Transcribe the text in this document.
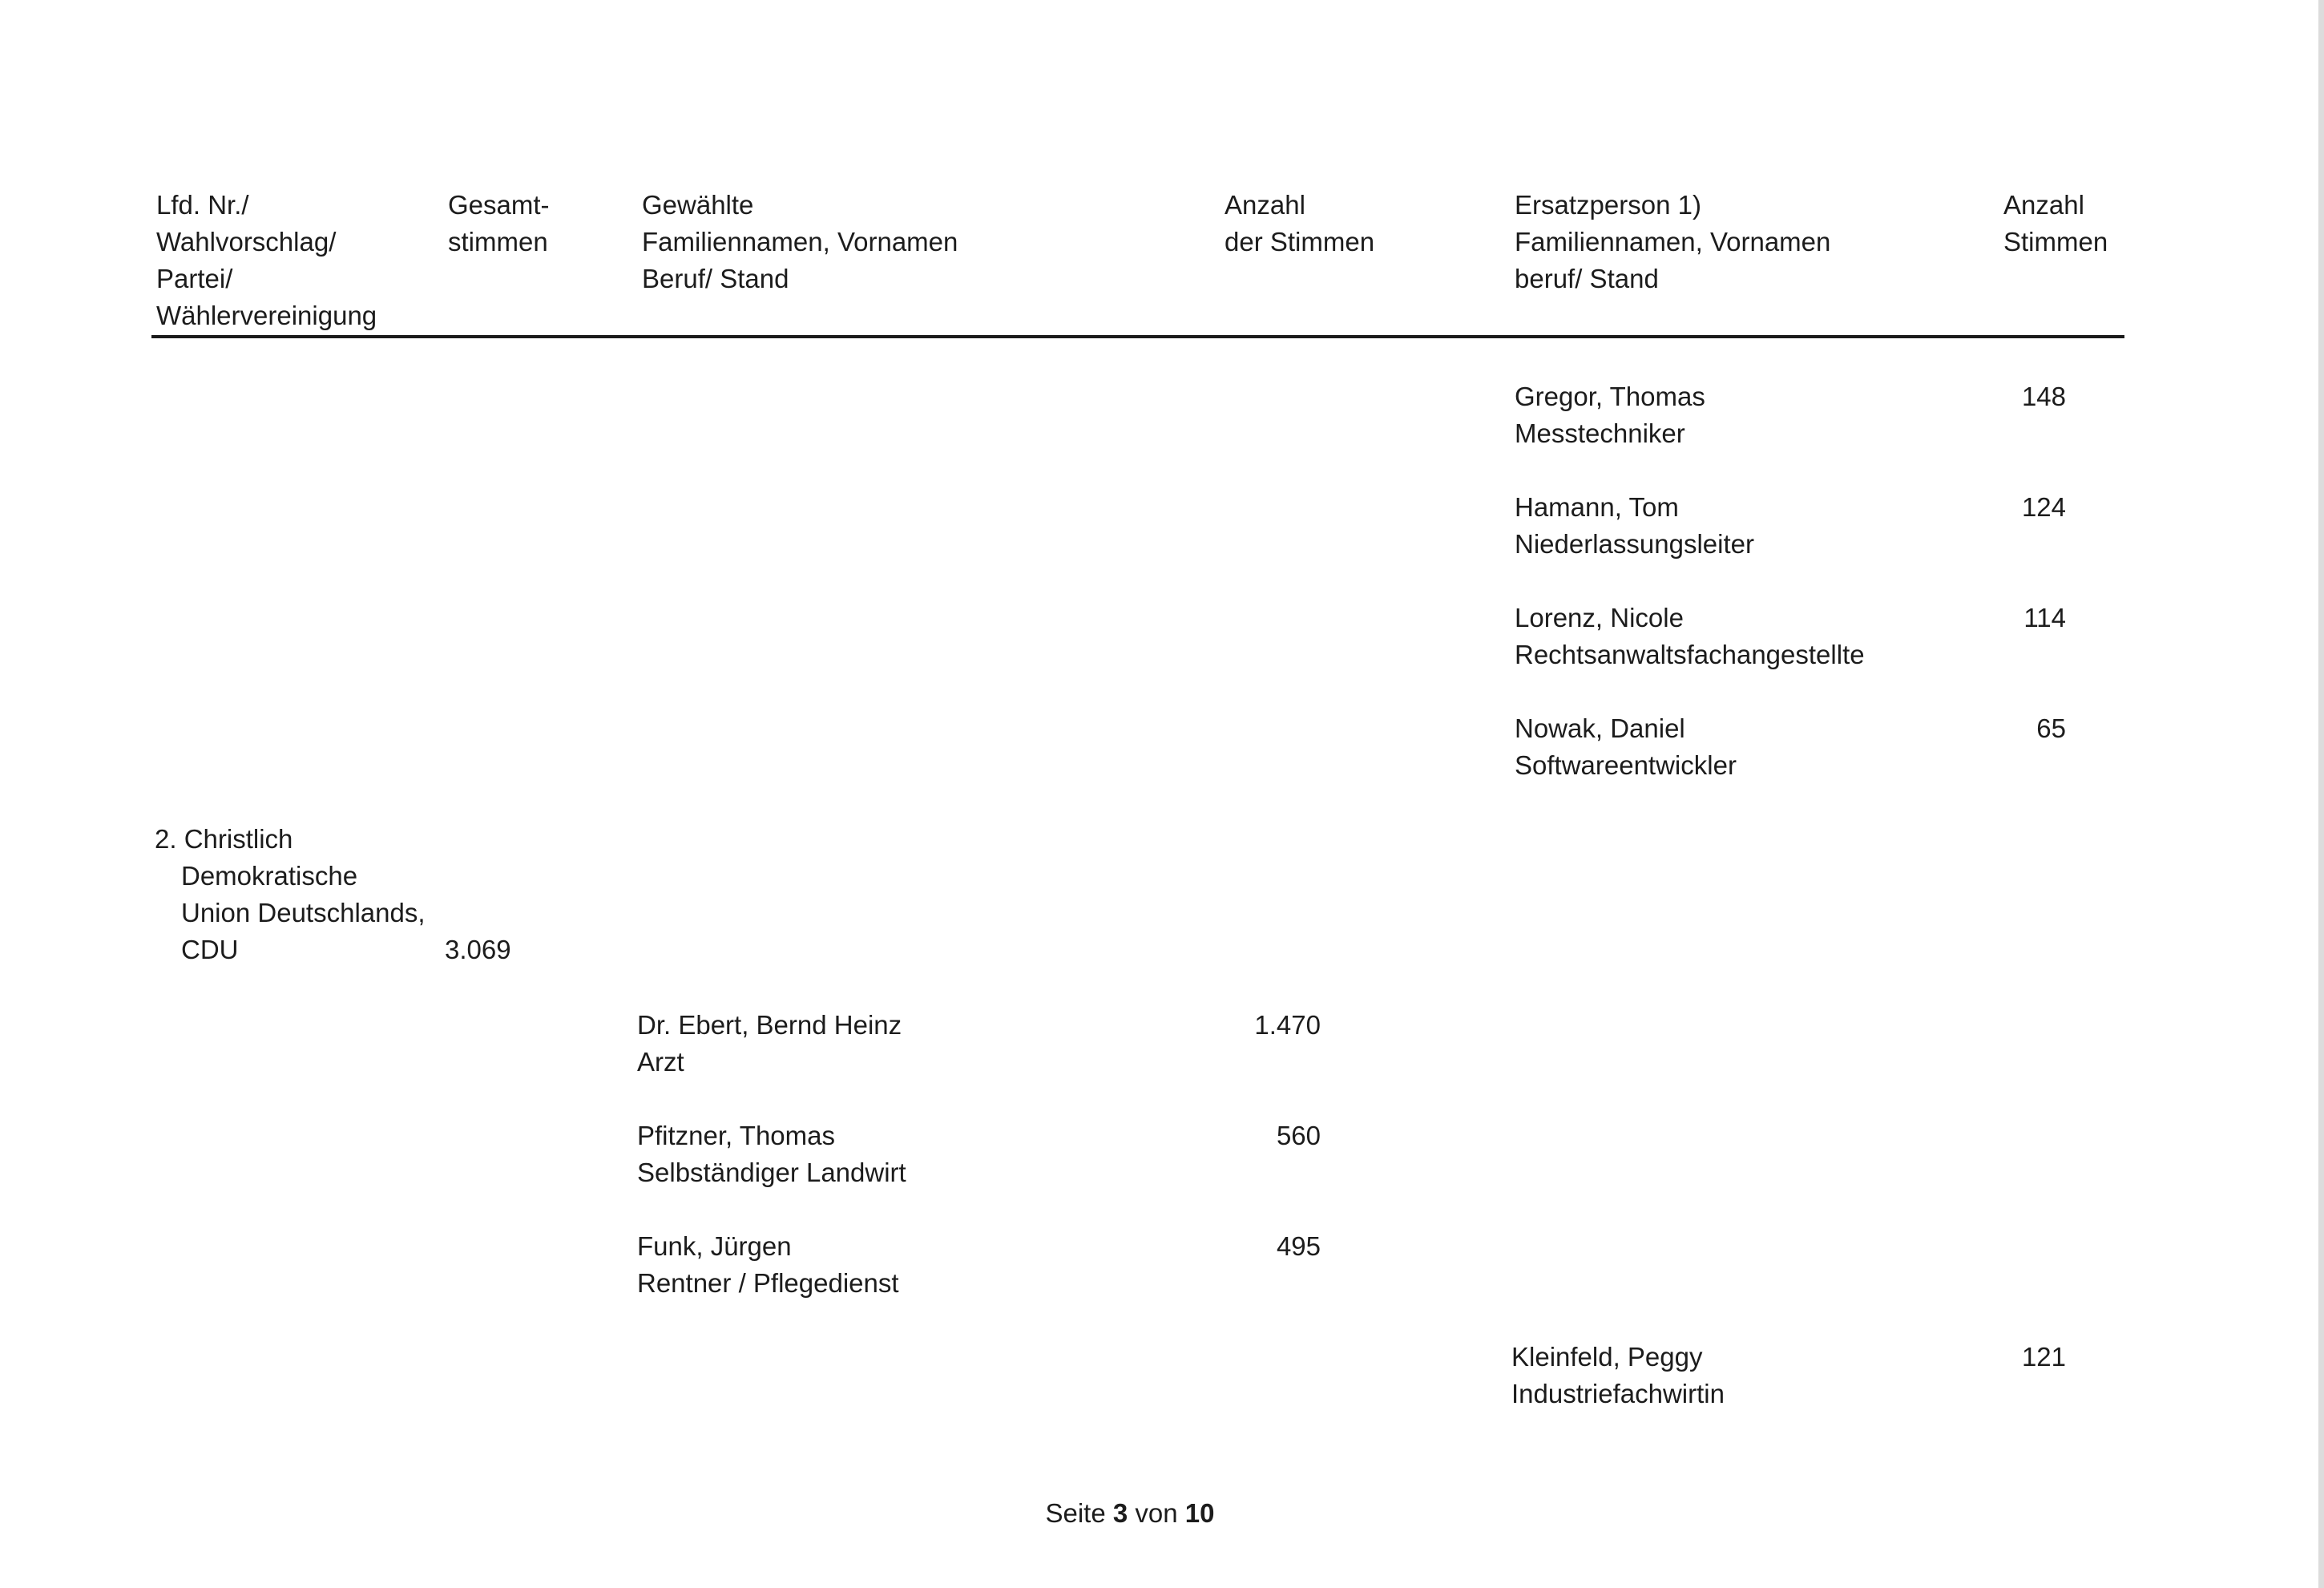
Lfd. Nr./
Wahlvorschlag/
Partei/
Wählervereinigung
Gesamt-
stimmen
Gewählte
Familiennamen, Vornamen
Beruf/ Stand
Anzahl
der Stimmen
Ersatzperson 1)
Familiennamen, Vornamen
beruf/ Stand
Anzahl
Stimmen
Gregor, Thomas
Messtechniker
148
Hamann, Tom
Niederlassungsleiter
124
Lorenz, Nicole
Rechtsanwaltsfachangestellte
114
Nowak, Daniel
Softwareentwickler
65
2. Christlich
Demokratische
Union Deutschlands,
CDU	3.069
Dr. Ebert, Bernd Heinz
Arzt
1.470
Pfitzner, Thomas
Selbständiger Landwirt
560
Funk, Jürgen
Rentner / Pflegedienst
495
Kleinfeld, Peggy
Industriefachwirtin
121
Seite 3 von 10
